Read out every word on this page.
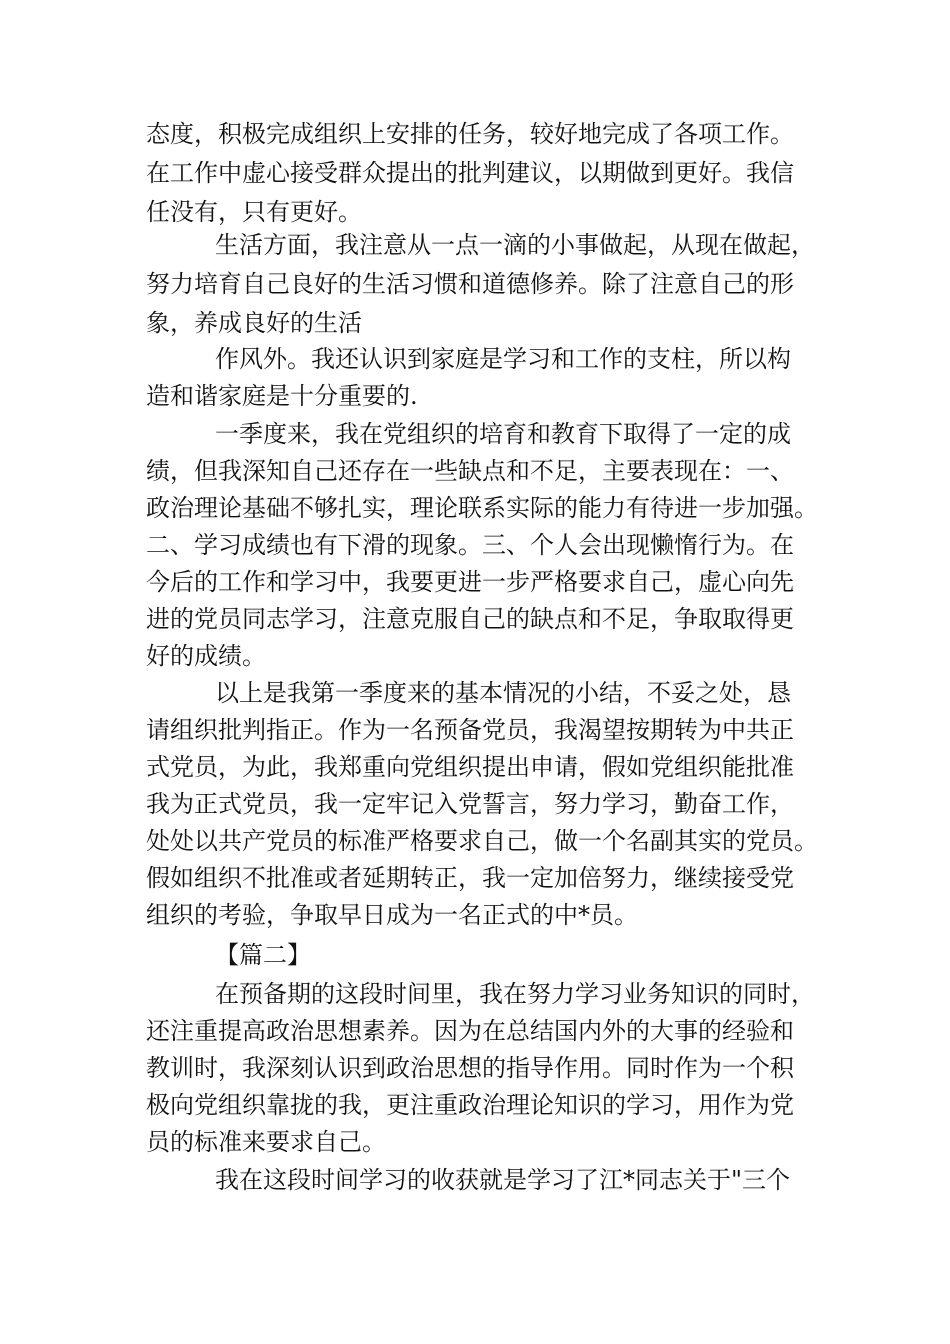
态度，积极完成组织上安排的任务，较好地完成了各项工作。
在工作中虚心接受群众提出的批判建议，以期做到更好。我信
任没有，只有更好。
生活方面，我注意从一点一滴的小事做起，从现在做起，
努力培育自己良好的生活习惯和道德修养。除了注意自己的形
象，养成良好的生活
作风外。我还认识到家庭是学习和工作的支柱，所以构
造和谐家庭是十分重要的.
一季度来，我在党组织的培育和教育下取得了一定的成
绩，但我深知自己还存在一些缺点和不足，主要表现在：一、
政治理论基础不够扎实，理论联系实际的能力有待进一步加强。
二、学习成绩也有下滑的现象。三、个人会出现懒惰行为。在
今后的工作和学习中，我要更进一步严格要求自己，虚心向先
进的党员同志学习，注意克服自己的缺点和不足，争取取得更
好的成绩。
以上是我第一季度来的基本情况的小结，不妥之处，恳
请组织批判指正。作为一名预备党员，我渴望按期转为中共正
式党员，为此，我郑重向党组织提出申请，假如党组织能批准
我为正式党员，我一定牢记入党誓言，努力学习，勤奋工作，
处处以共产党员的标准严格要求自己，做一个名副其实的党员。
假如组织不批准或者延期转正，我一定加倍努力，继续接受党
组织的考验，争取早日成为一名正式的中*员。
【篇二】
在预备期的这段时间里，我在努力学习业务知识的同时，
还注重提高政治思想素养。因为在总结国内外的大事的经验和
教训时，我深刻认识到政治思想的指导作用。同时作为一个积
极向党组织靠拢的我，更注重政治理论知识的学习，用作为党
员的标准来要求自己。
我在这段时间学习的收获就是学习了江*同志关于"三个
